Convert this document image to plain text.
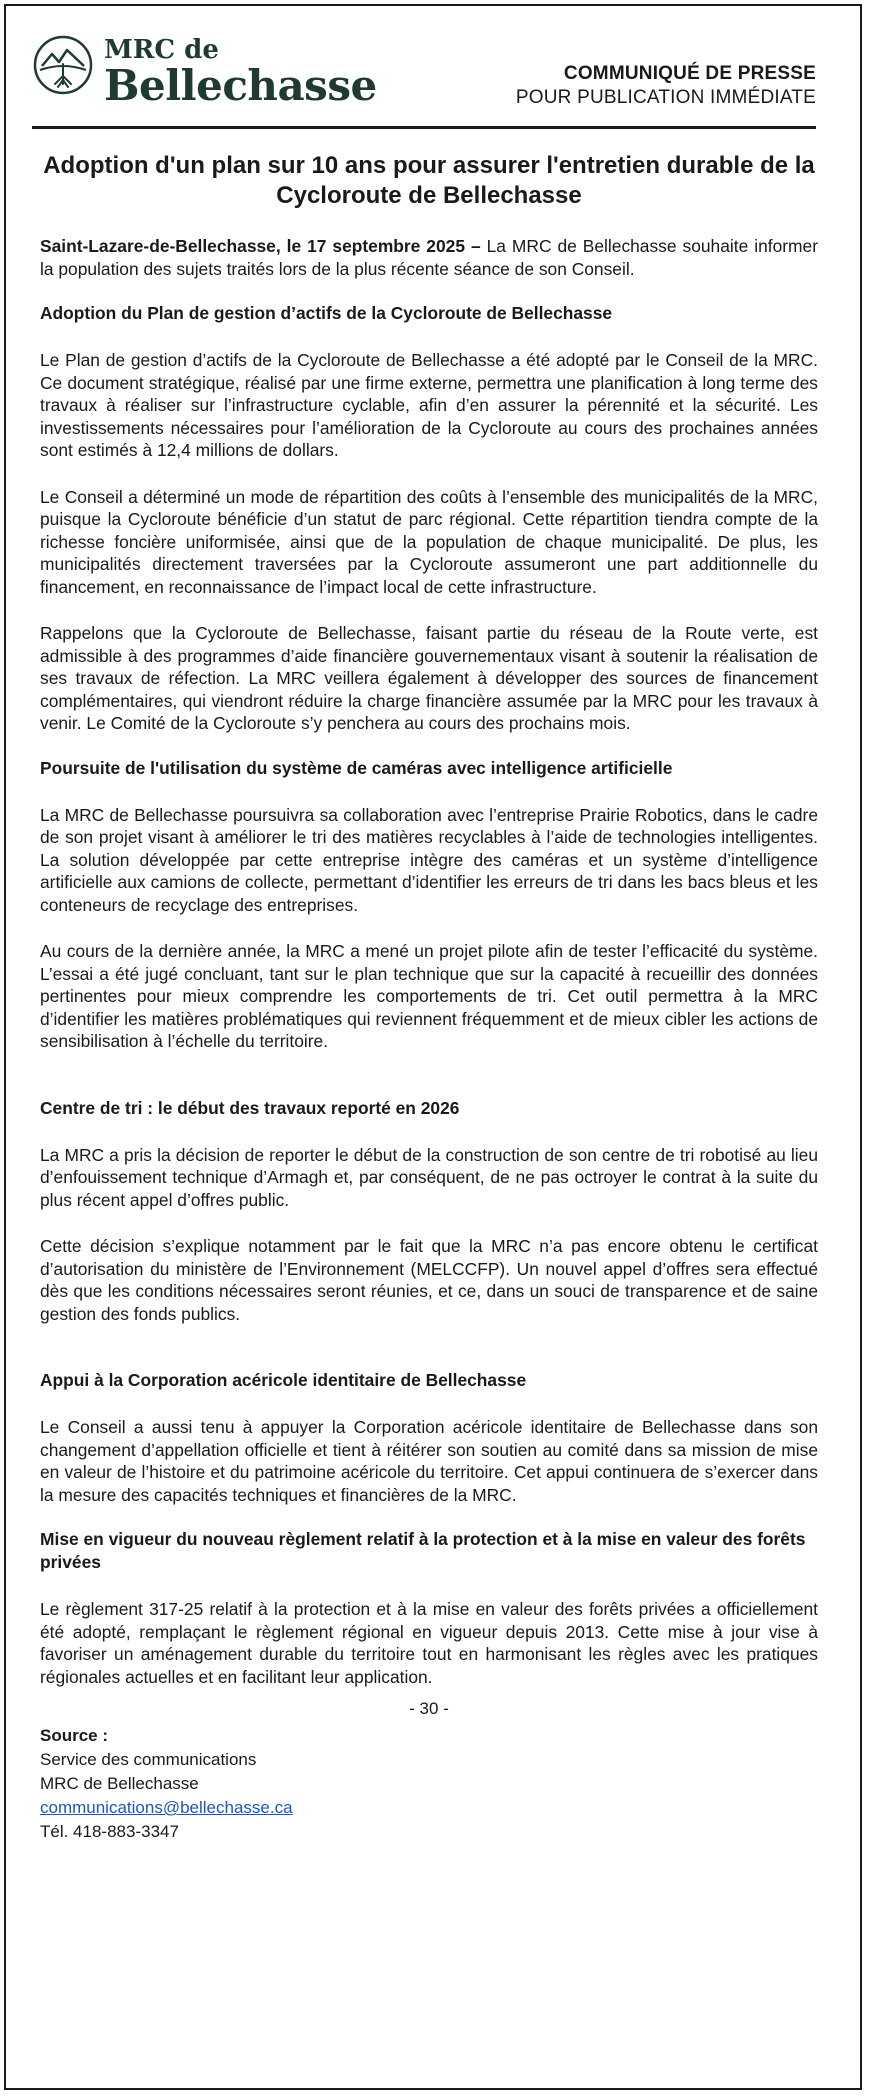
MRC de
Bellechasse	COMMUNIQUÉ DE PRESSE
POUR PUBLICATION IMMÉDIATE
Adoption d'un plan sur 10 ans pour assurer l'entretien durable de la Cycloroute de Bellechasse

Saint-Lazare-de-Bellechasse, le 17 septembre 2025 – La MRC de Bellechasse souhaite informer la population des sujets traités lors de la plus récente séance de son Conseil.

Adoption du Plan de gestion d’actifs de la Cycloroute de Bellechasse

Le Plan de gestion d’actifs de la Cycloroute de Bellechasse a été adopté par le Conseil de la MRC. Ce document stratégique, réalisé par une firme externe, permettra une planification à long terme des travaux à réaliser sur l’infrastructure cyclable, afin d’en assurer la pérennité et la sécurité. Les investissements nécessaires pour l’amélioration de la Cycloroute au cours des prochaines années sont estimés à 12,4 millions de dollars.

Le Conseil a déterminé un mode de répartition des coûts à l’ensemble des municipalités de la MRC, puisque la Cycloroute bénéficie d’un statut de parc régional. Cette répartition tiendra compte de la richesse foncière uniformisée, ainsi que de la population de chaque municipalité. De plus, les municipalités directement traversées par la Cycloroute assumeront une part additionnelle du financement, en reconnaissance de l’impact local de cette infrastructure.

Rappelons que la Cycloroute de Bellechasse, faisant partie du réseau de la Route verte, est admissible à des programmes d’aide financière gouvernementaux visant à soutenir la réalisation de ses travaux de réfection. La MRC veillera également à développer des sources de financement complémentaires, qui viendront réduire la charge financière assumée par la MRC pour les travaux à venir. Le Comité de la Cycloroute s’y penchera au cours des prochains mois.

Poursuite de l'utilisation du système de caméras avec intelligence artificielle

La MRC de Bellechasse poursuivra sa collaboration avec l’entreprise Prairie Robotics, dans le cadre de son projet visant à améliorer le tri des matières recyclables à l’aide de technologies intelligentes. La solution développée par cette entreprise intègre des caméras et un système d’intelligence artificielle aux camions de collecte, permettant d’identifier les erreurs de tri dans les bacs bleus et les conteneurs de recyclage des entreprises.

Au cours de la dernière année, la MRC a mené un projet pilote afin de tester l’efficacité du système. L’essai a été jugé concluant, tant sur le plan technique que sur la capacité à recueillir des données pertinentes pour mieux comprendre les comportements de tri. Cet outil permettra à la MRC d’identifier les matières problématiques qui reviennent fréquemment et de mieux cibler les actions de sensibilisation à l’échelle du territoire.

Centre de tri : le début des travaux reporté en 2026

La MRC a pris la décision de reporter le début de la construction de son centre de tri robotisé au lieu d’enfouissement technique d’Armagh et, par conséquent, de ne pas octroyer le contrat à la suite du plus récent appel d’offres public.

Cette décision s’explique notamment par le fait que la MRC n’a pas encore obtenu le certificat d’autorisation du ministère de l’Environnement (MELCCFP). Un nouvel appel d’offres sera effectué dès que les conditions nécessaires seront réunies, et ce, dans un souci de transparence et de saine gestion des fonds publics.

Appui à la Corporation acéricole identitaire de Bellechasse

Le Conseil a aussi tenu à appuyer la Corporation acéricole identitaire de Bellechasse dans son changement d’appellation officielle et tient à réitérer son soutien au comité dans sa mission de mise en valeur de l’histoire et du patrimoine acéricole du territoire. Cet appui continuera de s’exercer dans la mesure des capacités techniques et financières de la MRC.

Mise en vigueur du nouveau règlement relatif à la protection et à la mise en valeur des forêts privées

Le règlement 317-25 relatif à la protection et à la mise en valeur des forêts privées a officiellement été adopté, remplaçant le règlement régional en vigueur depuis 2013. Cette mise à jour vise à favoriser un aménagement durable du territoire tout en harmonisant les règles avec les pratiques régionales actuelles et en facilitant leur application.

- 30 -
Source :
Service des communications
MRC de Bellechasse
communications@bellechasse.ca
Tél. 418-883-3347
